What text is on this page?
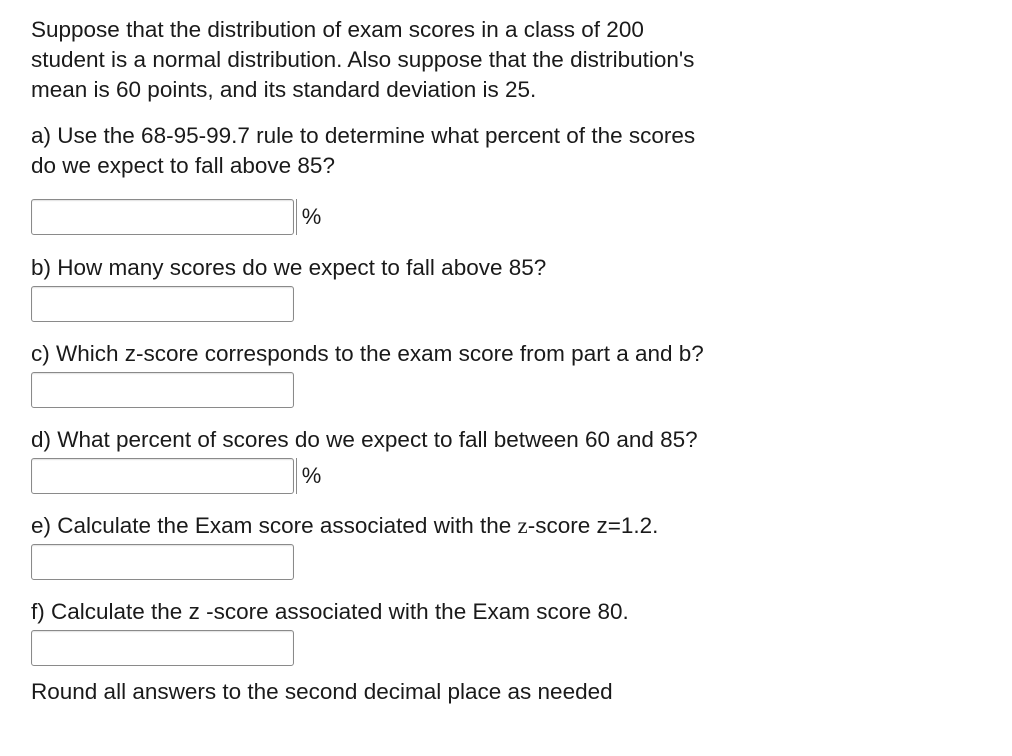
Suppose that the distribution of exam scores in a class of 200

student is a normal distribution. Also suppose that the distribution's

mean is 60 points, and its standard deviation is 25.

a) Use the 68-95-99.7 rule to determine what percent of the scores

do we expect to fall above 85?

%

b) How many scores do we expect to fall above 85?

c) Which z-score corresponds to the exam score from part a and b?

d) What percent of scores do we expect to fall between 60 and 85?

%

e) Calculate the Exam score associated with the z-score z=1.2.

f) Calculate the z -score associated with the Exam score 80.

Round all answers to the second decimal place as needed
